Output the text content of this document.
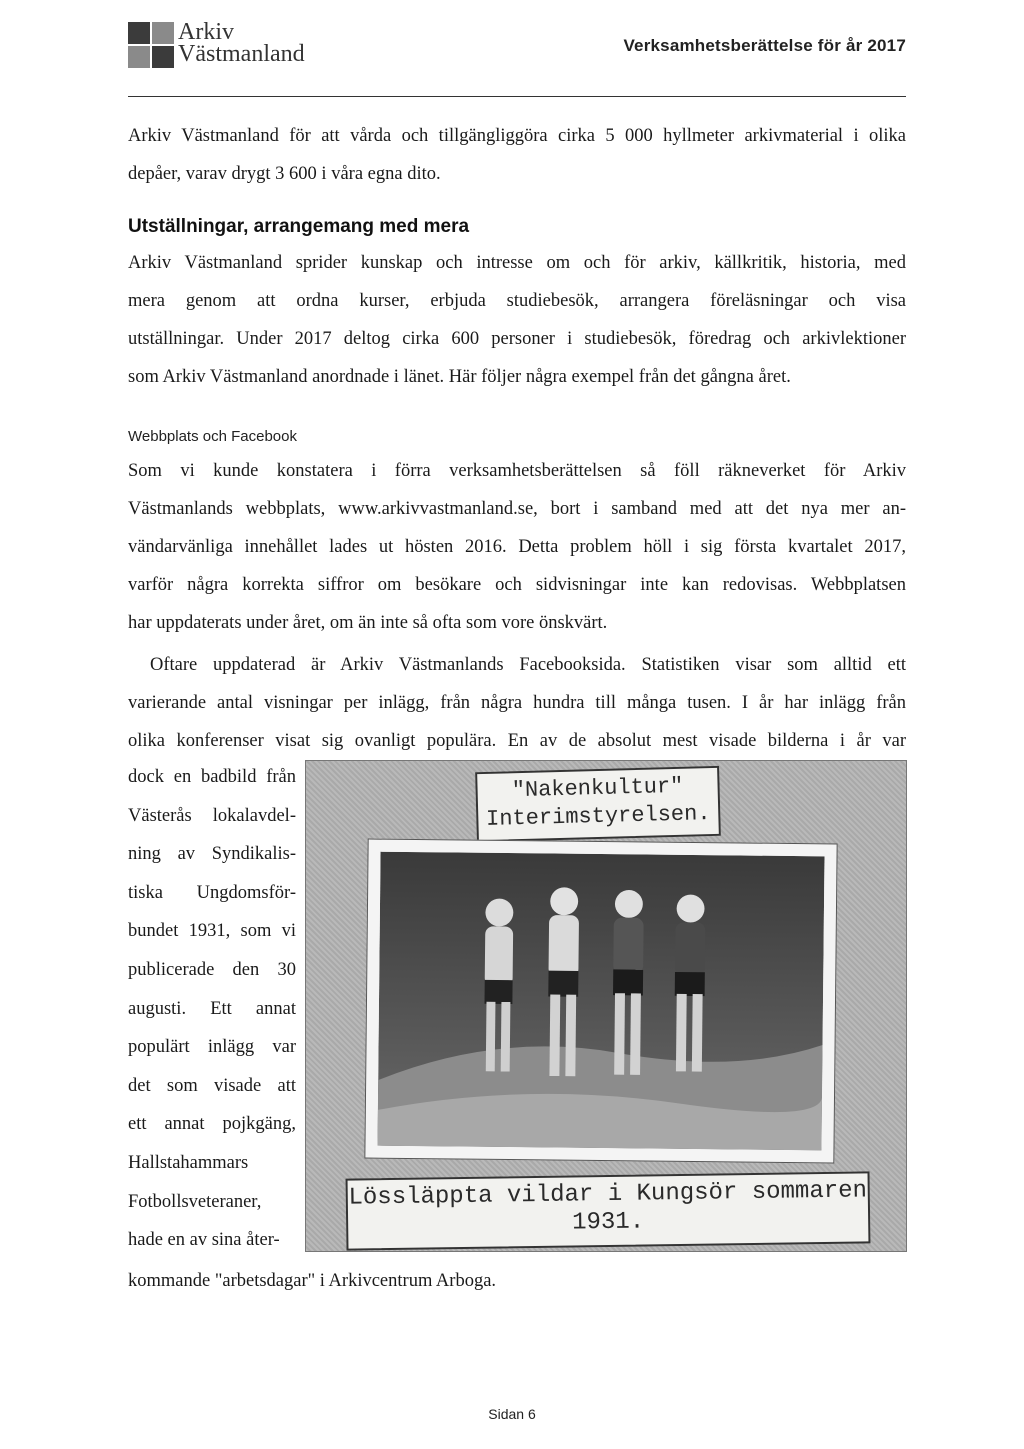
Arkiv
Västmanland	Verksamhetsberättelse för år 2017
Arkiv Västmanland för att vårda och tillgängliggöra cirka 5 000 hyllmeter arkivmaterial i olika
depåer, varav drygt 3 600 i våra egna dito.
Utställningar, arrangemang med mera
Arkiv Västmanland sprider kunskap och intresse om och för arkiv, källkritik, historia, med
mera genom att ordna kurser, erbjuda studiebesök, arrangera föreläsningar och visa
utställningar. Under 2017 deltog cirka 600 personer i studiebesök, föredrag och arkivlektioner
som Arkiv Västmanland anordnade i länet. Här följer några exempel från det gångna året.
Webbplats och Facebook
Som vi kunde konstatera i förra verksamhetsberättelsen så föll räkneverket för Arkiv
Västmanlands webbplats, www.arkivvastmanland.se, bort i samband med att det nya mer an-
vändarvänliga innehållet lades ut hösten 2016. Detta problem höll i sig första kvartalet 2017,
varför några korrekta siffror om besökare och sidvisningar inte kan redovisas. Webbplatsen
har uppdaterats under året, om än inte så ofta som vore önskvärt.
Oftare uppdaterad är Arkiv Västmanlands Facebooksida. Statistiken visar som alltid ett
varierande antal visningar per inlägg, från några hundra till många tusen. I år har inlägg från
olika konferenser visat sig ovanligt populära. En av de absolut mest visade bilderna i år var
dock en badbild från
Västerås lokalavdel-
ning av Syndikalis-
tiska Ungdomsför-
bundet 1931, som vi
publicerade den 30
augusti. Ett annat
populärt inlägg var
det som visade att
ett annat pojkgäng,
Hallstahammars
Fotbollsveteraner,
hade en av sina åter-
"Nakenkultur"
Interimstyrelsen.
Lössläppta vildar i Kungsör sommaren
1931.
kommande "arbetsdagar" i Arkivcentrum Arboga.
Sidan 6
